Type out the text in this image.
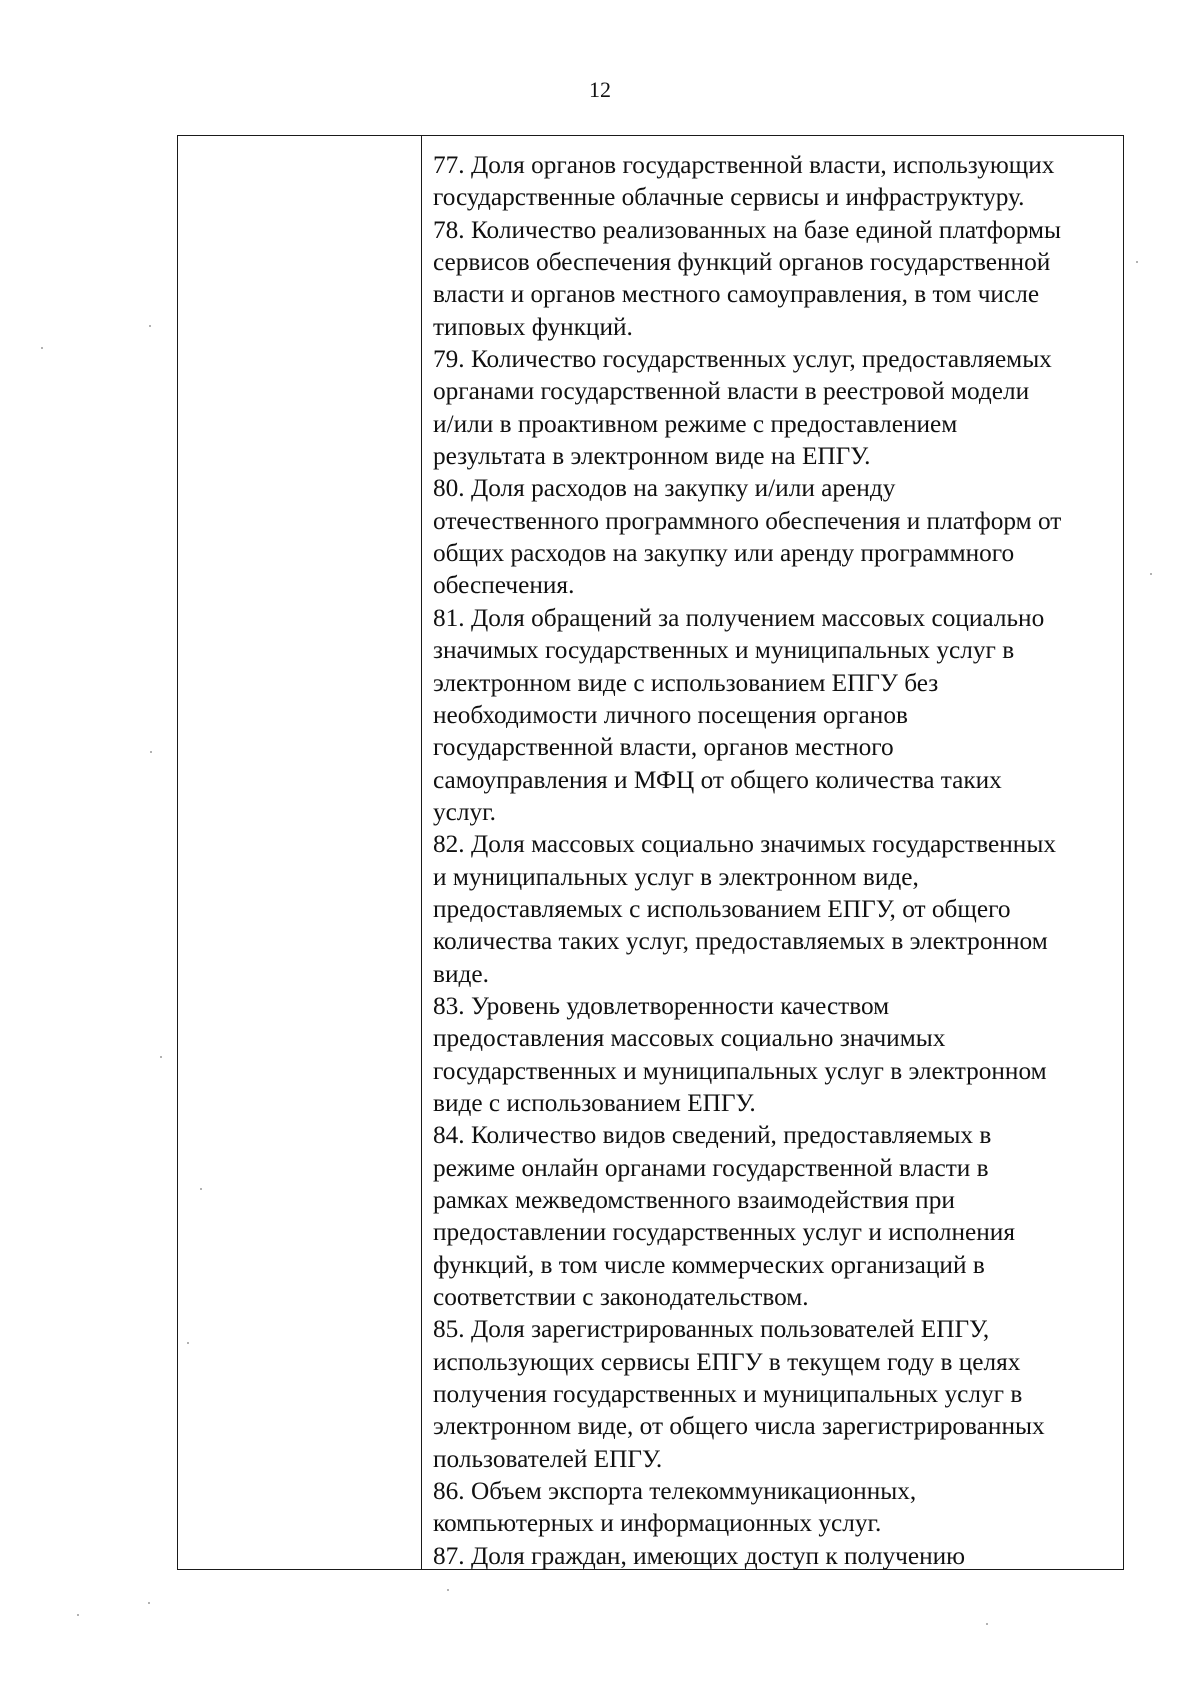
12

77. Доля органов государственной власти, использующих
государственные облачные сервисы и инфраструктуру.

78. Количество реализованных на базе единой платформы
сервисов обеспечения функций органов государственной
власти и органов местного самоуправления, в том числе
типовых функций.

79. Количество государственных услуг, предоставляемых
органами государственной власти в реестровой модели
и/или в проактивном режиме с предоставлением
результата в электронном виде на ЕПГУ.

80. Доля расходов на закупку и/или аренду
отечественного программного обеспечения и платформ от
общих расходов на закупку или аренду программного
обеспечения.

81. Доля обращений за получением массовых социально
значимых государственных и муниципальных услуг в
электронном виде с использованием ЕПГУ без
необходимости личного посещения органов
государственной власти, органов местного
самоуправления и МФЦ от общего количества таких
услуг.

82. Доля массовых социально значимых государственных
и муниципальных услуг в электронном виде,
предоставляемых с использованием ЕПГУ, от общего
количества таких услуг, предоставляемых в электронном
виде.

83. Уровень удовлетворенности качеством
предоставления массовых социально значимых
государственных и муниципальных услуг в электронном
виде с использованием ЕПГУ.

84. Количество видов сведений, предоставляемых в
режиме онлайн органами государственной власти в
рамках межведомственного взаимодействия при
предоставлении государственных услуг и исполнения
функций, в том числе коммерческих организаций в
соответствии с законодательством.

85. Доля зарегистрированных пользователей ЕПГУ,
использующих сервисы ЕПГУ в текущем году в целях
получения государственных и муниципальных услуг в
электронном виде, от общего числа зарегистрированных
пользователей ЕПГУ.

86. Объем экспорта телекоммуникационных,
компьютерных и информационных услуг.

87. Доля граждан, имеющих доступ к получению
